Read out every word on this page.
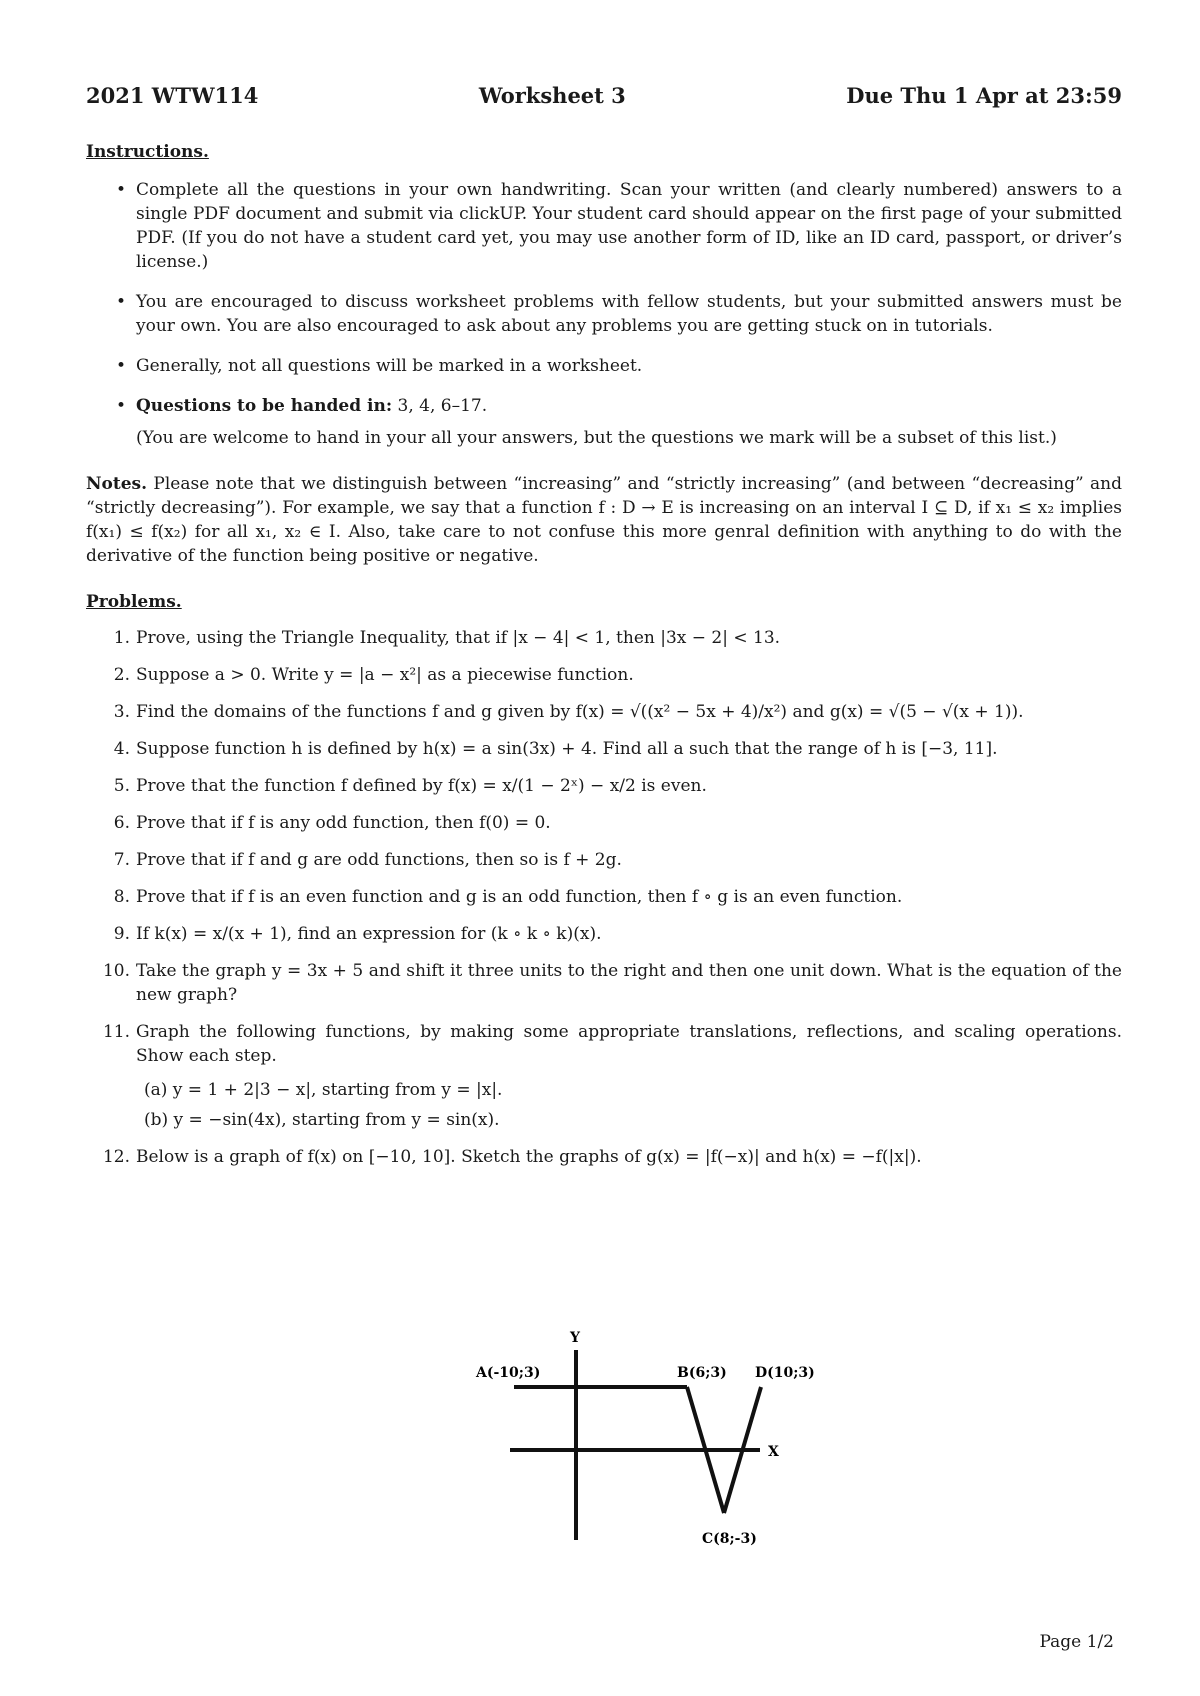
2021 WTW114	Worksheet 3	Due Thu 1 Apr at 23:59
Instructions.
• Complete all the questions in your own handwriting. Scan your written (and clearly numbered) answers to a single PDF document and submit via clickUP. Your student card should appear on the first page of your submitted PDF. (If you do not have a student card yet, you may use another form of ID, like an ID card, passport, or driver’s license.)
• You are encouraged to discuss worksheet problems with fellow students, but your submitted answers must be your own. You are also encouraged to ask about any problems you are getting stuck on in tutorials.
• Generally, not all questions will be marked in a worksheet.
• Questions to be handed in: 3, 4, 6–17.
(You are welcome to hand in your all your answers, but the questions we mark will be a subset of this list.)
Notes. Please note that we distinguish between “increasing” and “strictly increasing” (and between “decreasing” and “strictly decreasing”). For example, we say that a function f : D → E is increasing on an interval I ⊆ D, if x₁ ≤ x₂ implies f(x₁) ≤ f(x₂) for all x₁, x₂ ∈ I. Also, take care to not confuse this more genral definition with anything to do with the derivative of the function being positive or negative.
Problems.
1. Prove, using the Triangle Inequality, that if |x − 4| < 1, then |3x − 2| < 13.
2. Suppose a > 0. Write y = |a − x²| as a piecewise function.
3. Find the domains of the functions f and g given by f(x) = √((x² − 5x + 4)/x²) and g(x) = √(5 − √(x + 1)).
4. Suppose function h is defined by h(x) = a sin(3x) + 4. Find all a such that the range of h is [−3, 11].
5. Prove that the function f defined by f(x) = x/(1 − 2ˣ) − x/2 is even.
6. Prove that if f is any odd function, then f(0) = 0.
7. Prove that if f and g are odd functions, then so is f + 2g.
8. Prove that if f is an even function and g is an odd function, then f ∘ g is an even function.
9. If k(x) = x/(x + 1), find an expression for (k ∘ k ∘ k)(x).
10. Take the graph y = 3x + 5 and shift it three units to the right and then one unit down. What is the equation of the new graph?
11. Graph the following functions, by making some appropriate translations, reflections, and scaling operations. Show each step.
(a) y = 1 + 2|3 − x|, starting from y = |x|.
(b) y = −sin(4x), starting from y = sin(x).
12. Below is a graph of f(x) on [−10, 10]. Sketch the graphs of g(x) = |f(−x)| and h(x) = −f(|x|).
Y
X
A(-10;3)	B(6;3)
C(8;-3)
D(10;3)
Page 1/2
